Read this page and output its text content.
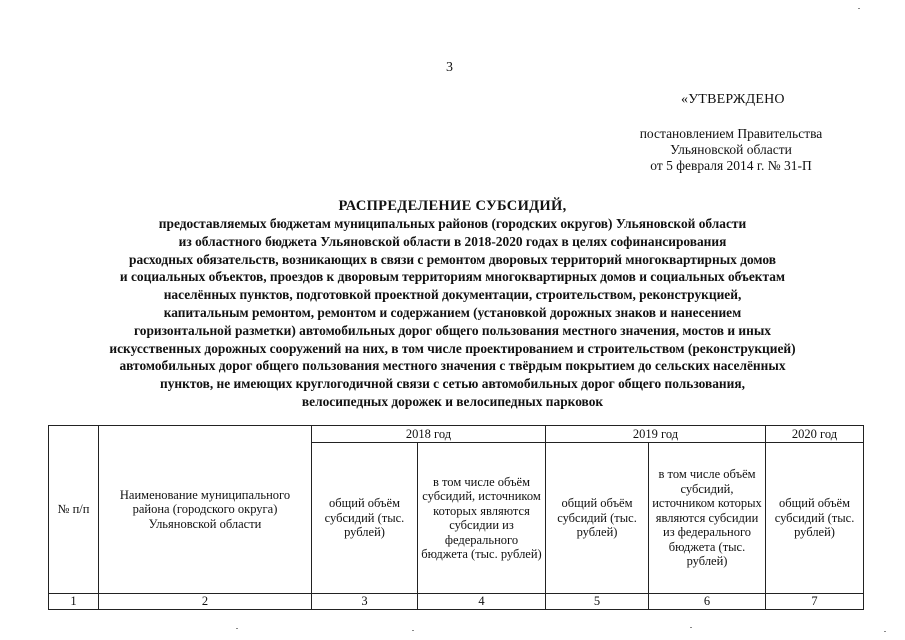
3
«УТВЕРЖДЕНО
постановлением Правительства
Ульяновской области
от 5 февраля 2014 г. № 31-П
РАСПРЕДЕЛЕНИЕ СУБСИДИЙ,
предоставляемых бюджетам муниципальных районов (городских округов) Ульяновской области
из областного бюджета Ульяновской области в 2018-2020 годах в целях софинансирования
расходных обязательств, возникающих в связи с ремонтом дворовых территорий многоквартирных домов
и социальных объектов, проездов к дворовым территориям многоквартирных домов и социальных объектам
населённых пунктов, подготовкой проектной документации, строительством, реконструкцией,
капитальным ремонтом, ремонтом и содержанием (установкой дорожных знаков и нанесением
горизонтальной разметки) автомобильных дорог общего пользования местного значения, мостов и иных
искусственных дорожных сооружений на них, в том числе проектированием и строительством (реконструкцией)
автомобильных дорог общего пользования местного значения с твёрдым покрытием до сельских населённых
пунктов, не имеющих круглогодичной связи с сетью автомобильных дорог общего пользования,
велосипедных дорожек и велосипедных парковок
№ п/п	Наименование муниципального района (городского округа) Ульяновской области	2018 год		2019 год		2020 год
		общий объём субсидий (тыс. рублей)	в том числе объём субсидий, источником которых являются субсидии из федерального бюджета (тыс. рублей)	общий объём субсидий (тыс. рублей)	в том числе объём субсидий, источником которых являются субсидии из федерального бюджета (тыс. рублей)	общий объём субсидий (тыс. рублей)
1	2	3	4	5	6	7
